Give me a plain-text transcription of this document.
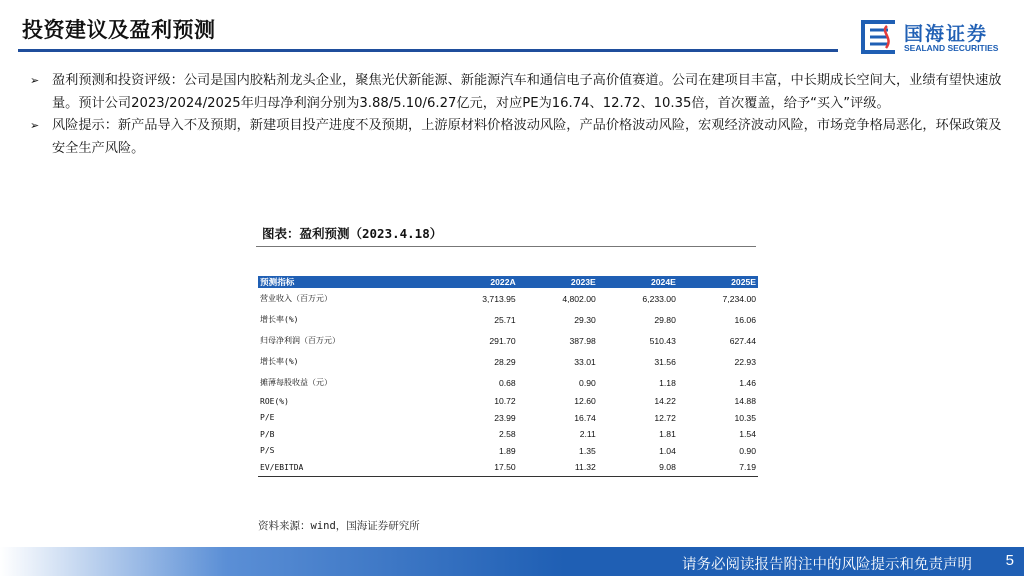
投资建议及盈利预测	国海证券
SEALAND SECURITIES
➢ 盈利预测和投资评级：公司是国内胶粘剂龙头企业，聚焦光伏新能源、新能源汽车和通信电子高价值赛道。公司在建项目丰富，中长期成长空间大，业绩有望快速放量。预计公司2023/2024/2025年归母净利润分别为3.88/5.10/6.27亿元，对应PE为16.74、12.72、10.35倍，首次覆盖，给予“买入”评级。
➢ 风险提示：新产品导入不及预期，新建项目投产进度不及预期，上游原材料价格波动风险，产品价格波动风险，宏观经济波动风险，市场竞争格局恶化，环保政策及安全生产风险。
图表：盈利预测（2023.4.18）
预测指标	2022A	2023E	2024E	2025E
营业收入（百万元）	3,713.95	4,802.00	6,233.00	7,234.00
增长率(%)	25.71	29.30	29.80	16.06
归母净利润（百万元）	291.70	387.98	510.43	627.44
增长率(%)	28.29	33.01	31.56	22.93
摊薄每股收益（元）	0.68	0.90	1.18	1.46
ROE(%)	10.72	12.60	14.22	14.88
P/E	23.99	16.74	12.72	10.35
P/B	2.58	2.11	1.81	1.54
P/S	1.89	1.35	1.04	0.90
EV/EBITDA	17.50	11.32	9.08	7.19
资料来源：wind，国海证券研究所
请务必阅读报告附注中的风险提示和免责声明 5
